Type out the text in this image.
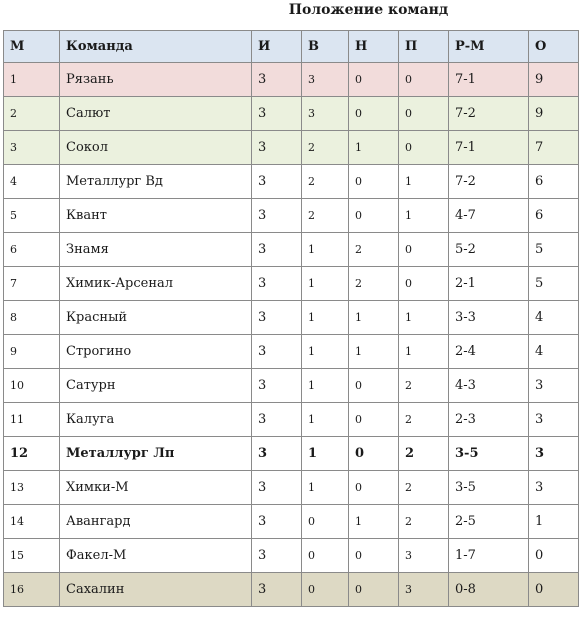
Положение команд
М	Команда	И	В	Н	П	Р-М	О
1	Рязань	3	3	0	0	7-1	9
2	Салют	3	3	0	0	7-2	9
3	Сокол	3	2	1	0	7-1	7
4	Металлург Вд	3	2	0	1	7-2	6
5	Квант	3	2	0	1	4-7	6
6	Знамя	3	1	2	0	5-2	5
7	Химик-Арсенал	3	1	2	0	2-1	5
8	Красный	3	1	1	1	3-3	4
9	Строгино	3	1	1	1	2-4	4
10	Сатурн	3	1	0	2	4-3	3
11	Калуга	3	1	0	2	2-3	3
12	Металлург Лп	3	1	0	2	3-5	3
13	Химки-М	3	1	0	2	3-5	3
14	Авангард	3	0	1	2	2-5	1
15	Факел-М	3	0	0	3	1-7	0
16	Сахалин	3	0	0	3	0-8	0
